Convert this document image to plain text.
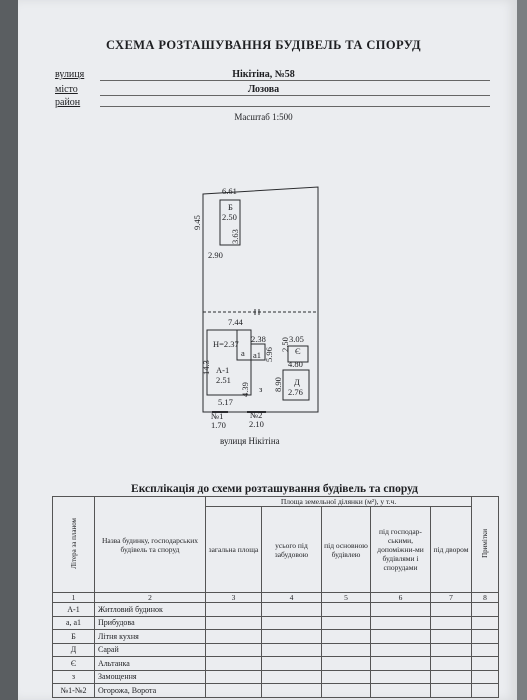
СХЕМА РОЗТАШУВАННЯ БУДІВЕЛЬ ТА СПОРУД
вулиця	Нікітіна, №58
місто	Лозова
район
Масштаб 1:500
6.61
Б
2.50
9.45
3.63
2.90
7.44
Н=2.37 2.38
а а1 5.96
3.05
Є
2.50
4.80
14.3 А-1
2.51
4.39 з 8.90 Д
2.76
5.17
№1
1.70
№2
2.10
вулиця Нікітіна
Експлікація до схеми розташування будівель та споруд
Літера за планом	Назва будинку, господарських будівель та споруд	Площа земельної ділянки (м²), у т.ч.					Примітки
		загальна площа	усього під забудовою	під основною будівлею	під господар-ськими, допоміжни-ми будівлями і спорудами	під двором	
1	2	3	4	5	6	7	8
А-1	Житловий будинок						
а, а1	Прибудова						
Б	Літня кухня						
Д	Сарай						
Є	Альтанка						
з	Замощення						
№1-№2	Огорожа, Ворота						
